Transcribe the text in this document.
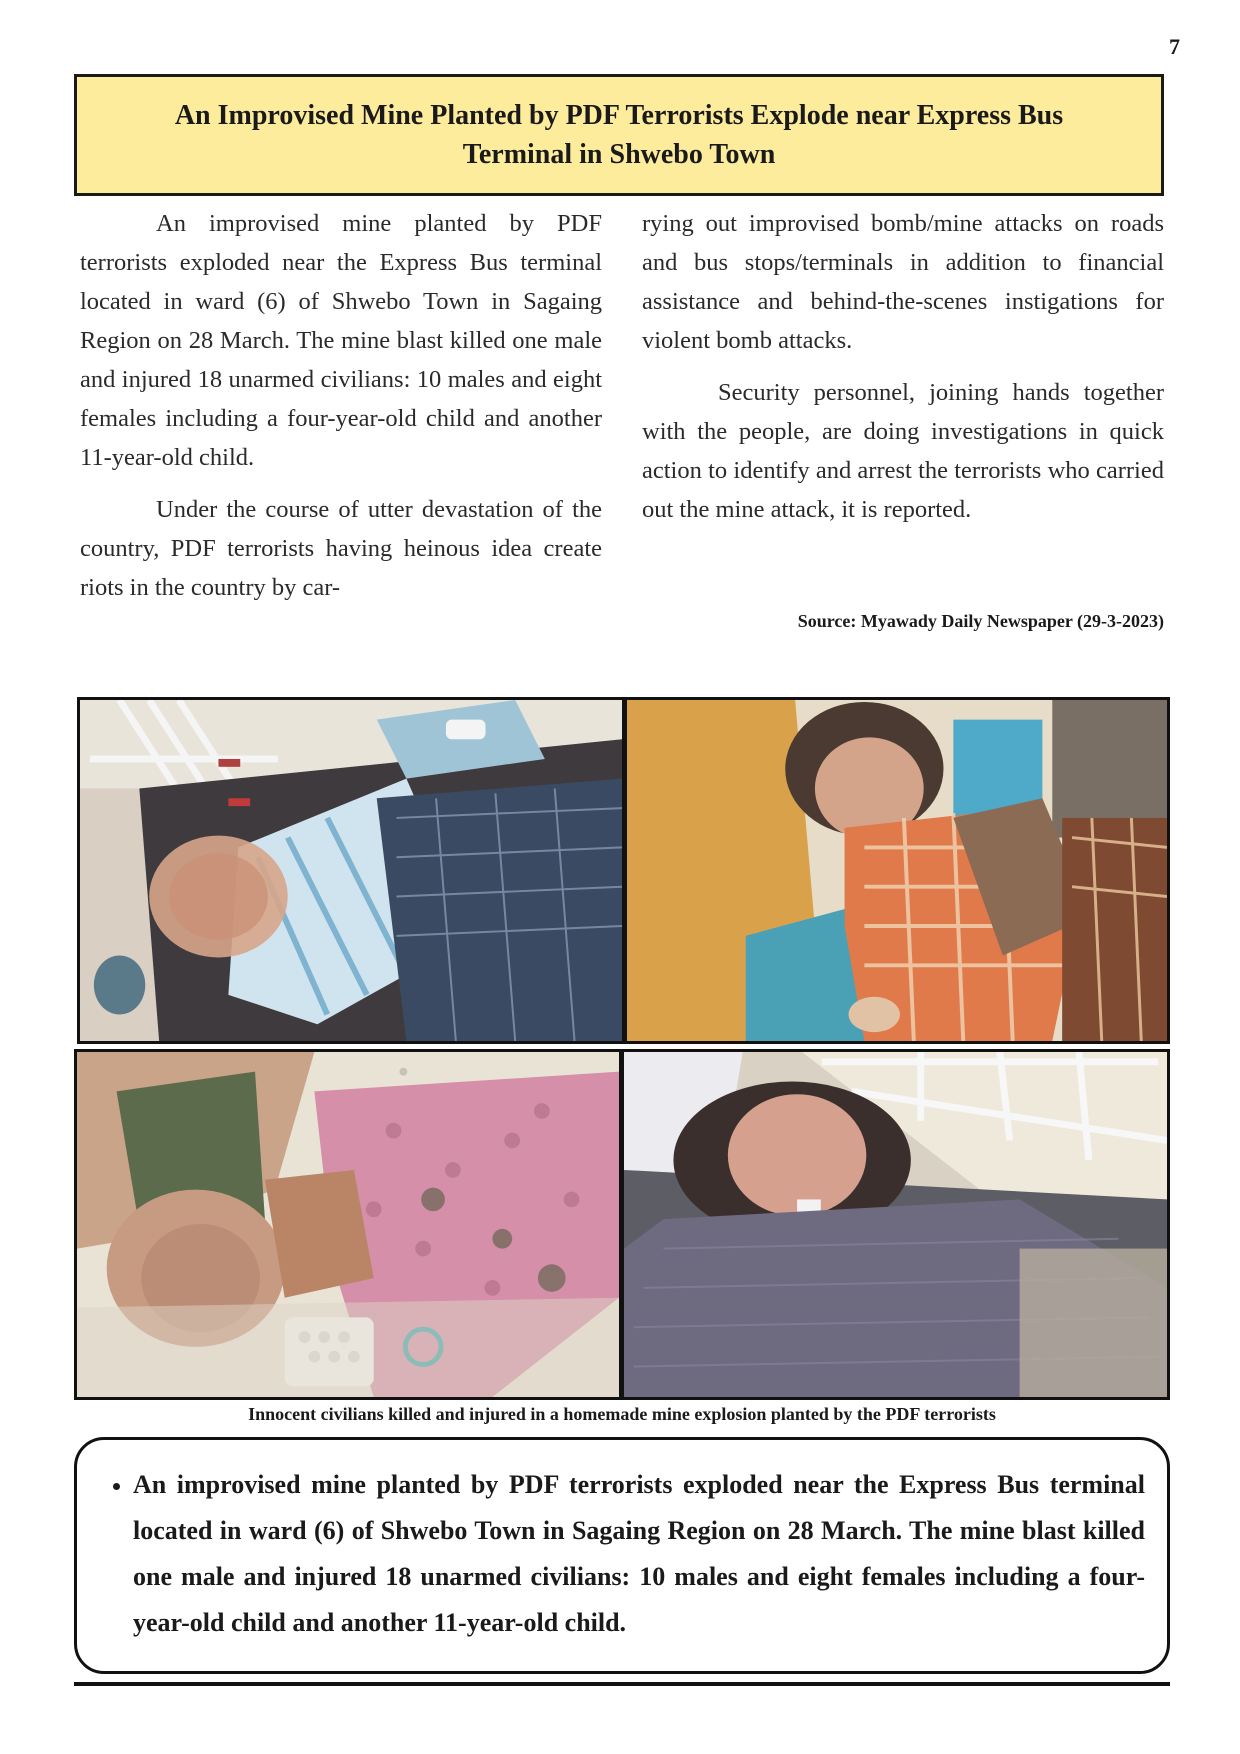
7
An Improvised Mine Planted by PDF Terrorists Explode near Express Bus Terminal in Shwebo Town

An improvised mine planted by PDF terrorists exploded near the Express Bus terminal located in ward (6) of Shwebo Town in Sagaing Region on 28 March. The mine blast killed one male and injured 18 unarmed civilians: 10 males and eight females including a four-year-old child and another 11-year-old child.

Under the course of utter devastation of the country, PDF terrorists having heinous idea create riots in the country by car-

rying out improvised bomb/mine attacks on roads and bus stops/terminals in addition to financial assistance and behind-the-scenes instigations for violent bomb attacks.

Security personnel, joining hands together with the people, are doing investigations in quick action to identify and arrest the terrorists who carried out the mine attack, it is reported.

Source: Myawady Daily Newspaper (29-3-2023)
Innocent civilians killed and injured in a homemade mine explosion planted by the PDF terrorists
• An improvised mine planted by PDF terrorists exploded near the Express Bus terminal located in ward (6) of Shwebo Town in Sagaing Region on 28 March. The mine blast killed one male and injured 18 unarmed civilians: 10 males and eight females including a four-year-old child and another 11-year-old child.
